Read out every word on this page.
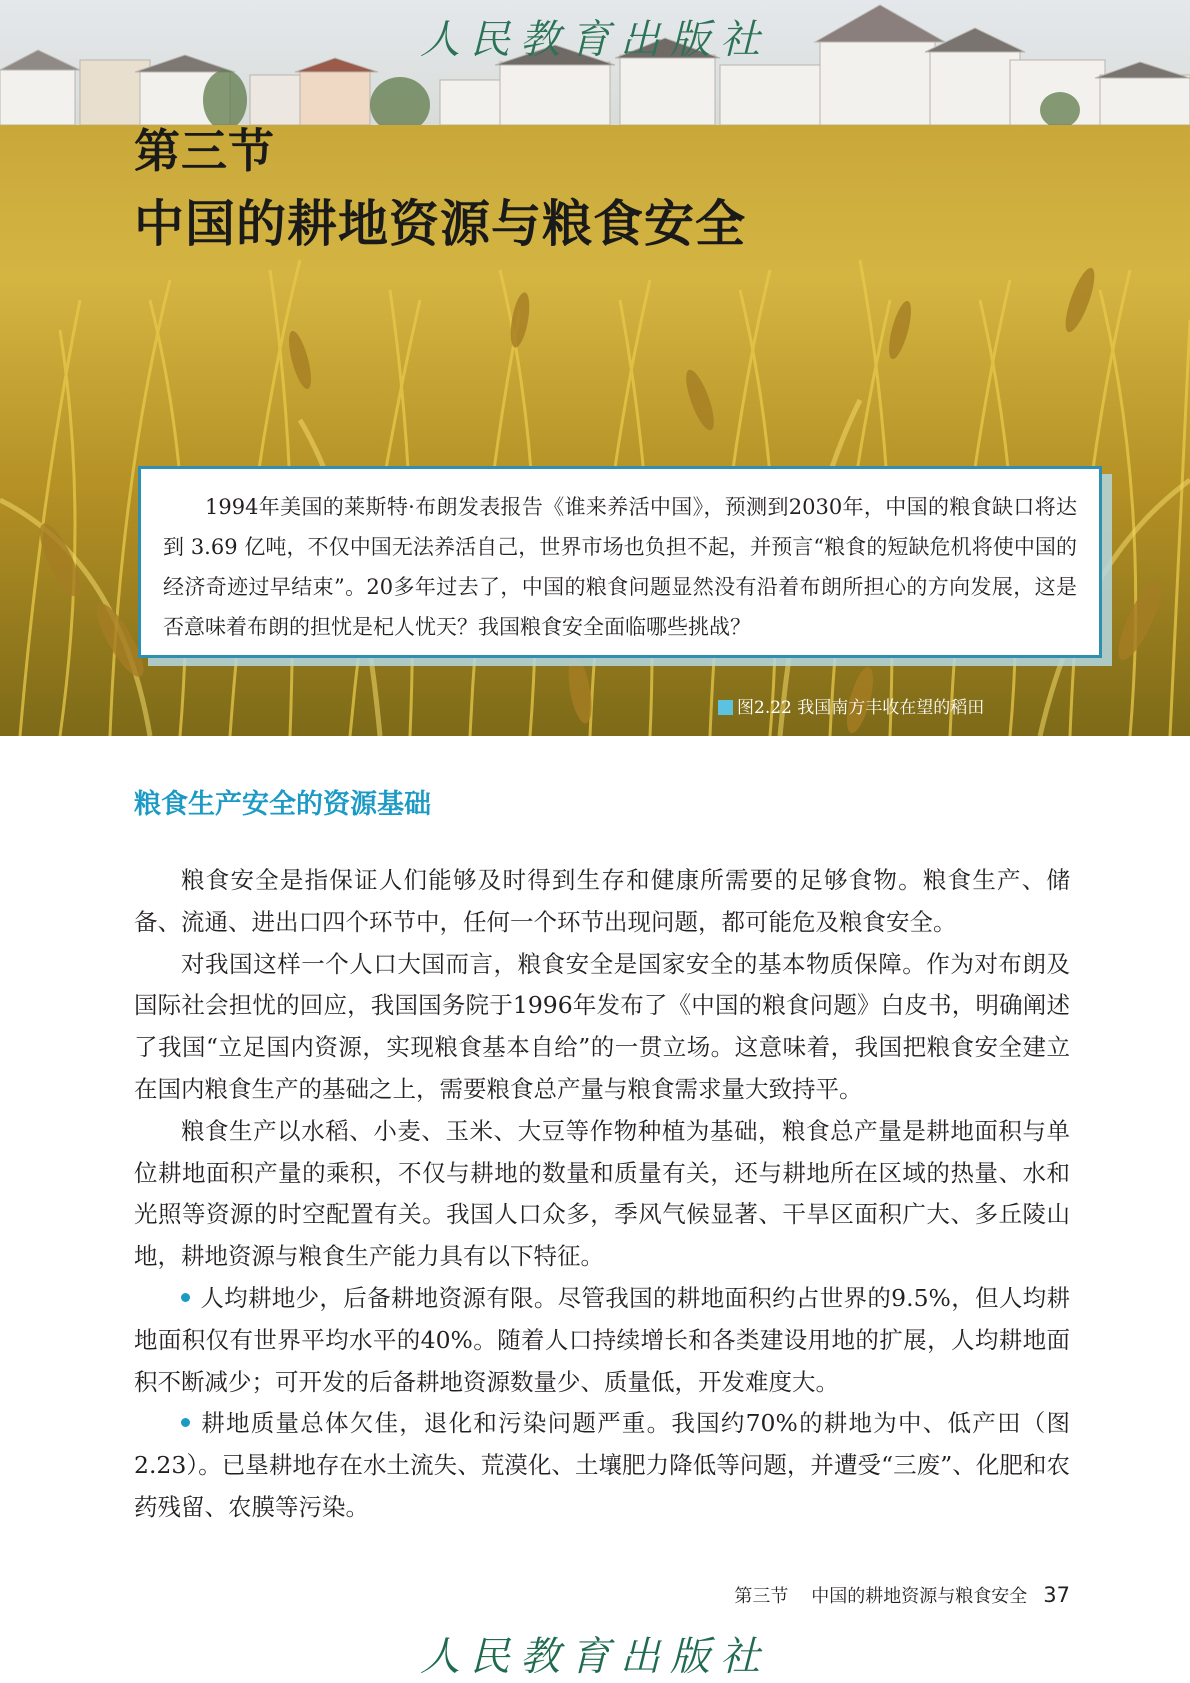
人民教育出版社
第三节
中国的耕地资源与粮食安全

1994年美国的莱斯特·布朗发表报告《谁来养活中国》，预测到2030年，中国的粮食缺口将达到 3.69 亿吨，不仅中国无法养活自己，世界市场也负担不起，并预言“粮食的短缺危机将使中国的经济奇迹过早结束”。20多年过去了，中国的粮食问题显然没有沿着布朗所担心的方向发展，这是否意味着布朗的担忧是杞人忧天？我国粮食安全面临哪些挑战？

图2.22 我国南方丰收在望的稻田
粮食生产安全的资源基础

粮食安全是指保证人们能够及时得到生存和健康所需要的足够食物。粮食生产、储备、流通、进出口四个环节中，任何一个环节出现问题，都可能危及粮食安全。

对我国这样一个人口大国而言，粮食安全是国家安全的基本物质保障。作为对布朗及国际社会担忧的回应，我国国务院于1996年发布了《中国的粮食问题》白皮书，明确阐述了我国“立足国内资源，实现粮食基本自给”的一贯立场。这意味着，我国把粮食安全建立在国内粮食生产的基础之上，需要粮食总产量与粮食需求量大致持平。

粮食生产以水稻、小麦、玉米、大豆等作物种植为基础，粮食总产量是耕地面积与单位耕地面积产量的乘积，不仅与耕地的数量和质量有关，还与耕地所在区域的热量、水和光照等资源的时空配置有关。我国人口众多，季风气候显著、干旱区面积广大、多丘陵山地，耕地资源与粮食生产能力具有以下特征。

人均耕地少，后备耕地资源有限。尽管我国的耕地面积约占世界的9.5%，但人均耕地面积仅有世界平均水平的40%。随着人口持续增长和各类建设用地的扩展，人均耕地面积不断减少；可开发的后备耕地资源数量少、质量低，开发难度大。

耕地质量总体欠佳，退化和污染问题严重。我国约70%的耕地为中、低产田（图2.23）。已垦耕地存在水土流失、荒漠化、土壤肥力降低等问题，并遭受“三废”、化肥和农药残留、农膜等污染。

第三节    中国的耕地资源与粮食安全 37
人民教育出版社
